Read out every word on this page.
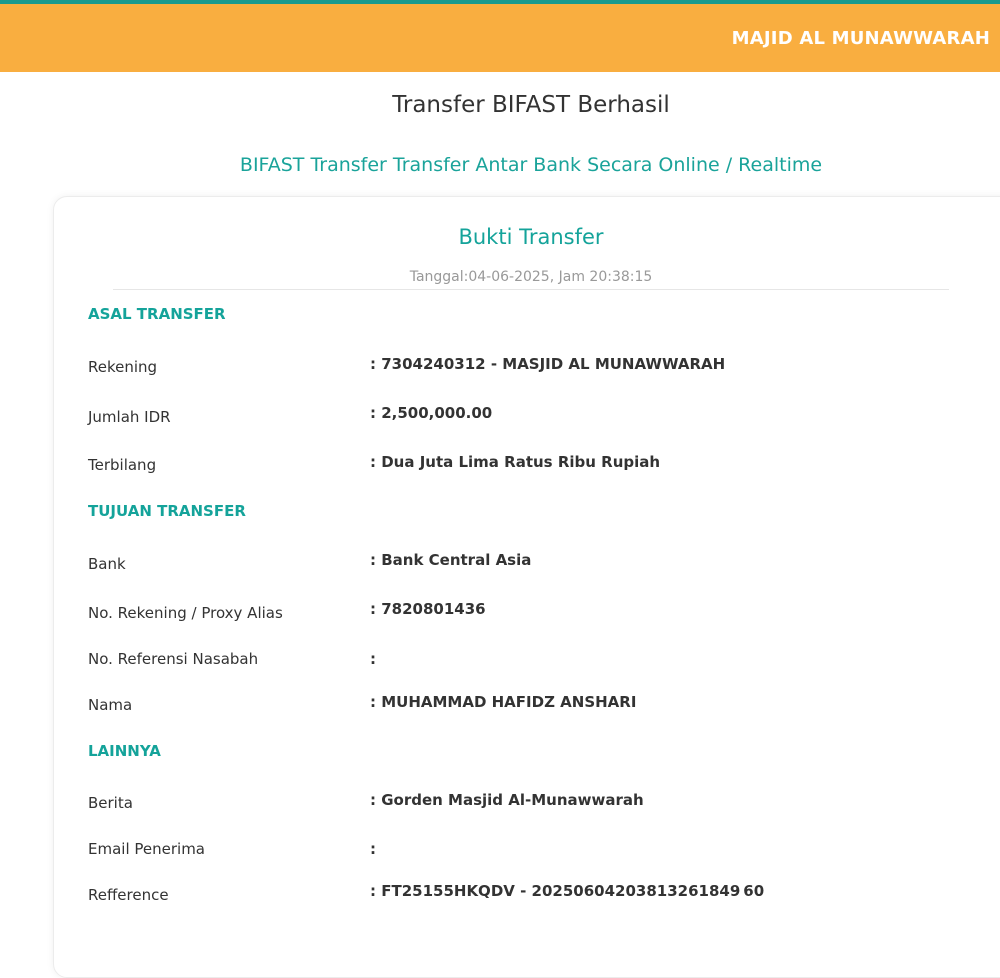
MAJID AL MUNAWWARAH
Transfer BIFAST Berhasil
BIFAST Transfer Transfer Antar Bank Secara Online / Realtime
Bukti Transfer
Tanggal:04-06-2025, Jam 20:38:15
ASAL TRANSFER
Rekening	: 7304240312 - MASJID AL MUNAWWARAH
Jumlah IDR	: 2,500,000.00
Terbilang	: Dua Juta Lima Ratus Ribu Rupiah
TUJUAN TRANSFER
Bank	: Bank Central Asia
No. Rekening / Proxy Alias	: 7820801436
No. Referensi Nasabah	:
Nama	: MUHAMMAD HAFIDZ ANSHARI
LAINNYA
Berita	: Gorden Masjid Al-Munawwarah
Email Penerima	:
Refference	: FT25155HKQDV - 20250604203813261849 60
